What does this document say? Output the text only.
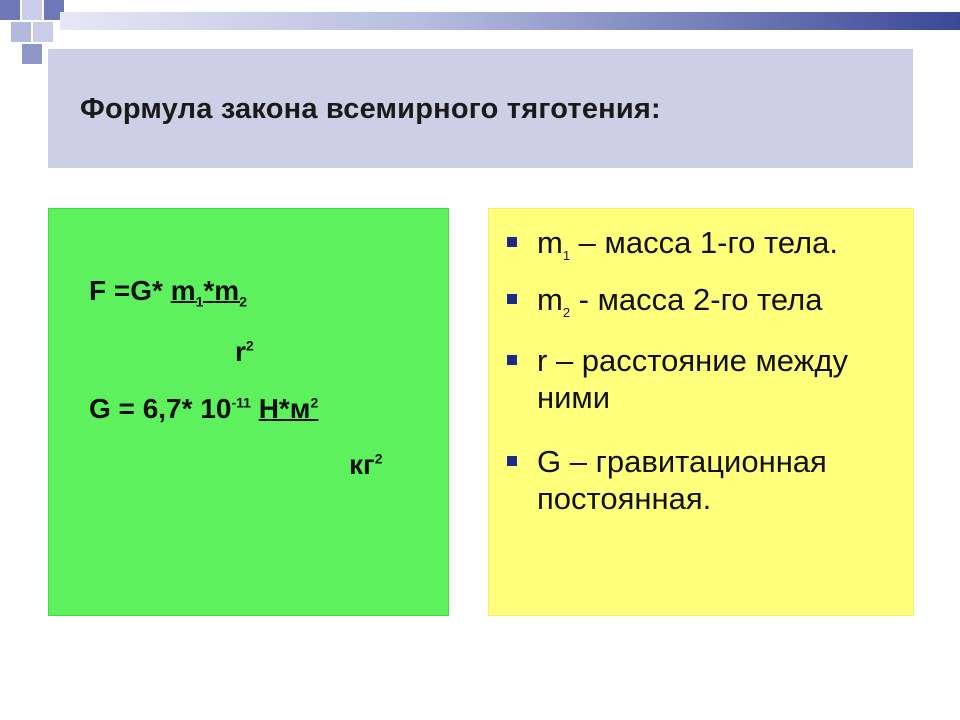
Формула закона всемирного тяготения:
F =G* $m_1*m_2$
$r^2$
G = 6,7* $10^{-11}$ $Н*м^2$
$кг^2$
$m_1$ – масса 1-го тела.
$m_2$ - масса 2-го тела
r – расстояние между ними
G – гравитационная постоянная.
